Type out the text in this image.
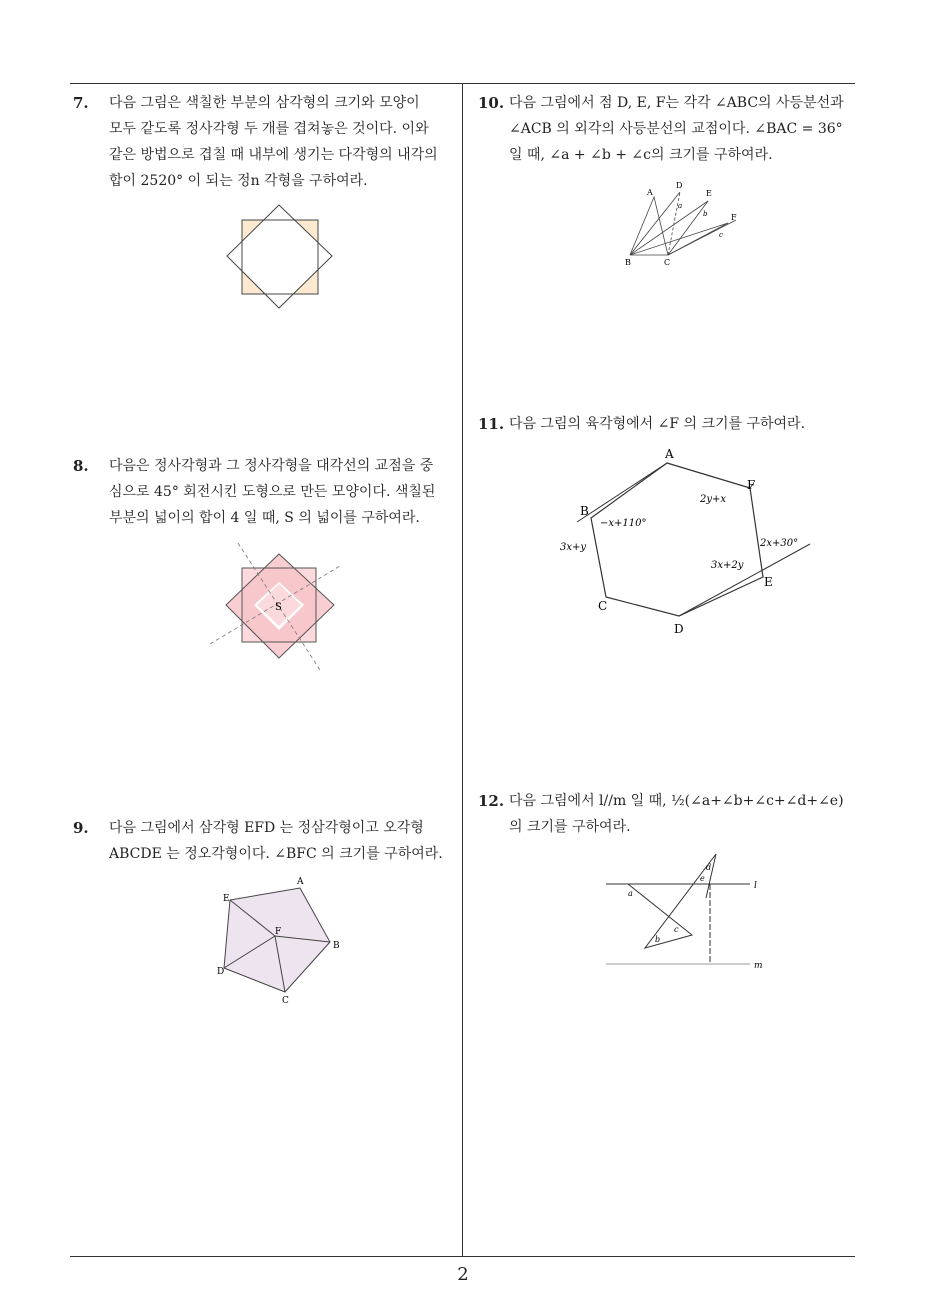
7. 다음 그림은 색칠한 부분의 삼각형의 크기와 모양이
모두 같도록 정사각형 두 개를 겹쳐놓은 것이다. 이와
같은 방법으로 겹칠 때 내부에 생기는 다각형의 내각의
합이 2520° 이 되는 정n 각형을 구하여라.
8. 다음은 정사각형과 그 정사각형을 대각선의 교점을 중
심으로 45° 회전시킨 도형으로 만든 모양이다. 색칠된
부분의 넓이의 합이 4 일 때, S 의 넓이를 구하여라.
S
9. 다음 그림에서 삼각형 EFD 는 정삼각형이고 오각형
ABCDE 는 정오각형이다. ∠BFC 의 크기를 구하여라.
A
B
C
D
E
F
10. 다음 그림에서 점 D, E, F는 각각 ∠ABC의 사등분선과
∠ACB 의 외각의 사등분선의 교점이다. ∠BAC = 36°
일 때, ∠a + ∠b + ∠c의 크기를 구하여라.
A
D
E
F
B	C
a
b
c
11. 다음 그림의 육각형에서 ∠F 의 크기를 구하여라.
A
B
C
D
E
F
2y+x
−x+110°
3x+y	2x+30°
3x+2y
12. 다음 그림에서 l//m 일 때, ½(∠a+∠b+∠c+∠d+∠e)
의 크기를 구하여라.
l
m
a
b
c
d
e
2
